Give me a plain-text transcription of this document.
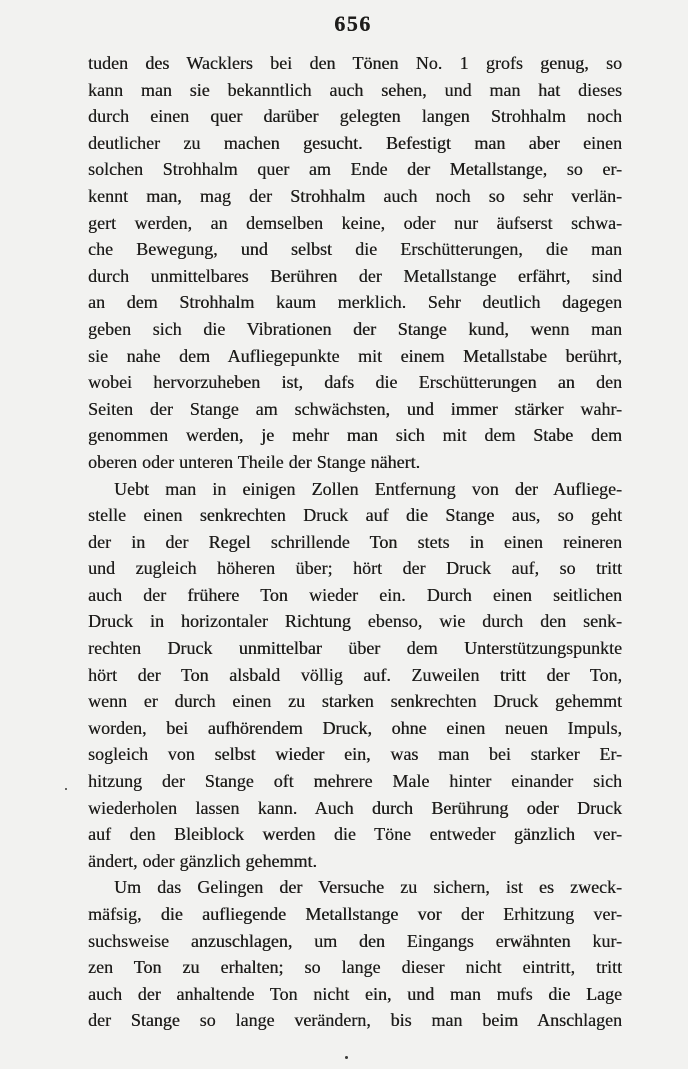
656
tuden des Wacklers bei den Tönen No. 1 grofs genug, so
kann man sie bekanntlich auch sehen, und man hat dieses
durch einen quer darüber gelegten langen Strohhalm noch
deutlicher zu machen gesucht. Befestigt man aber einen
solchen Strohhalm quer am Ende der Metallstange, so er-
kennt man, mag der Strohhalm auch noch so sehr verlän-
gert werden, an demselben keine, oder nur äufserst schwa-
che Bewegung, und selbst die Erschütterungen, die man
durch unmittelbares Berühren der Metallstange erfährt, sind
an dem Strohhalm kaum merklich. Sehr deutlich dagegen
geben sich die Vibrationen der Stange kund, wenn man
sie nahe dem Aufliegepunkte mit einem Metallstabe berührt,
wobei hervorzuheben ist, dafs die Erschütterungen an den
Seiten der Stange am schwächsten, und immer stärker wahr-
genommen werden, je mehr man sich mit dem Stabe dem
oberen oder unteren Theile der Stange nähert.
Uebt man in einigen Zollen Entfernung von der Aufliege-
stelle einen senkrechten Druck auf die Stange aus, so geht
der in der Regel schrillende Ton stets in einen reineren
und zugleich höheren über; hört der Druck auf, so tritt
auch der frühere Ton wieder ein. Durch einen seitlichen
Druck in horizontaler Richtung ebenso, wie durch den senk-
rechten Druck unmittelbar über dem Unterstützungspunkte
hört der Ton alsbald völlig auf. Zuweilen tritt der Ton,
wenn er durch einen zu starken senkrechten Druck gehemmt
worden, bei aufhörendem Druck, ohne einen neuen Impuls,
sogleich von selbst wieder ein, was man bei starker Er-
hitzung der Stange oft mehrere Male hinter einander sich
wiederholen lassen kann. Auch durch Berührung oder Druck
auf den Bleiblock werden die Töne entweder gänzlich ver-
ändert, oder gänzlich gehemmt.
Um das Gelingen der Versuche zu sichern, ist es zweck-
mäfsig, die aufliegende Metallstange vor der Erhitzung ver-
suchsweise anzuschlagen, um den Eingangs erwähnten kur-
zen Ton zu erhalten; so lange dieser nicht eintritt, tritt
auch der anhaltende Ton nicht ein, und man mufs die Lage
der Stange so lange verändern, bis man beim Anschlagen
